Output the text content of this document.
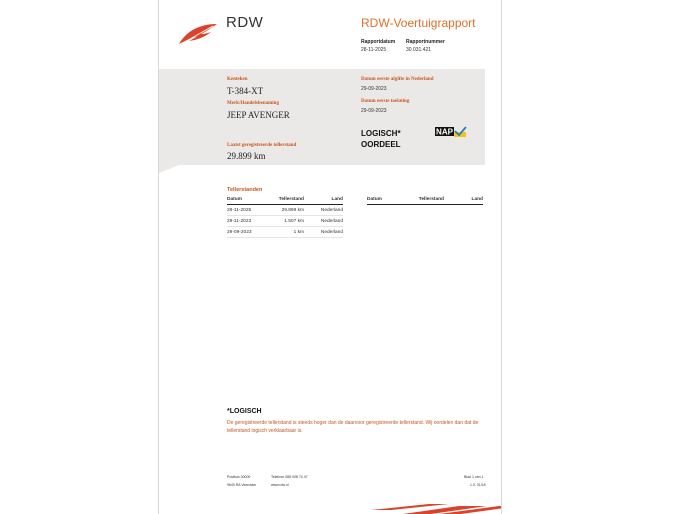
RDW	RDW-Voertuigrapport
Rapportdatum Rapportnummer
28-11-2025	30.031.421
Kenteken
T-384-XT
Merk/Handelsbenaming
JEEP AVENGER
Laatst geregistreerde tellerstand
29.899 km
Datum eerste afgifte in Nederland
29-09-2023
Datum eerste toelating
29-09-2023
LOGISCH*
OORDEEL
NAP
Tellerstanden
Datum	Tellerstand	Land
28-11-2025	29.899 km	Nederland
29-11-2023	1.507 km	Nederland
29-09-2023	1 km	Nederland
Datum	Tellerstand	Land
*LOGISCH
De geregistreerde tellerstand is steeds hoger dan de daarvoor geregistreerde tellerstand. Wij oordelen dan dat de tellerstand logisch verklaarbaar is.
Postbus 30000
9640 RA Veendam
Telefoon 088 008 74 47
www.rdw.nl
Blad 1 van 1
1.0, 01/18
